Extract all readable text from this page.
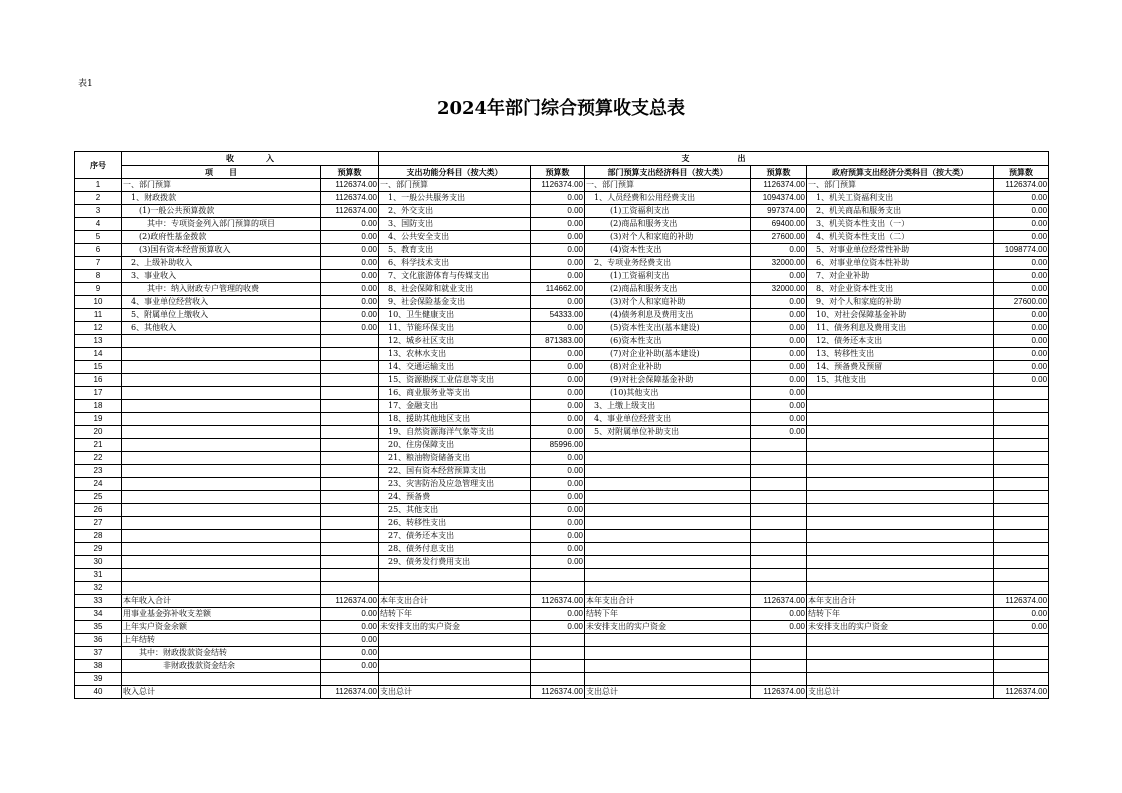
表1
2024年部门综合预算收支总表
序号	收　　　　入		支　　　　　　出					
	项　　目	预算数	支出功能分科目（按大类）	预算数	部门预算支出经济科目（按大类）	预算数	政府预算支出经济分类科目（按大类）	预算数
1	一、部门预算	1126374.00	一、部门预算	1126374.00	一、部门预算	1126374.00	一、部门预算	1126374.00
2	　1、财政拨款	1126374.00	　1、一般公共服务支出	0.00	　1、人员经费和公用经费支出	1094374.00	　1、机关工资福利支出	0.00
3	　　(1)一般公共预算拨款	1126374.00	　2、外交支出	0.00	　　　(1)工资福利支出	997374.00	　2、机关商品和服务支出	0.00
4	　　　其中：专项资金列入部门预算的项目	0.00	　3、国防支出	0.00	　　　(2)商品和服务支出	69400.00	　3、机关资本性支出（一）	0.00
5	　　(2)政府性基金拨款	0.00	　4、公共安全支出	0.00	　　　(3)对个人和家庭的补助	27600.00	　4、机关资本性支出（二）	0.00
6	　　(3)国有资本经营预算收入	0.00	　5、教育支出	0.00	　　　(4)资本性支出	0.00	　5、对事业单位经常性补助	1098774.00
7	　2、上级补助收入	0.00	　6、科学技术支出	0.00	　2、专项业务经费支出	32000.00	　6、对事业单位资本性补助	0.00
8	　3、事业收入	0.00	　7、文化旅游体育与传媒支出	0.00	　　　(1)工资福利支出	0.00	　7、对企业补助	0.00
9	　　　其中：纳入财政专户管理的收费	0.00	　8、社会保障和就业支出	114662.00	　　　(2)商品和服务支出	32000.00	　8、对企业资本性支出	0.00
10	　4、事业单位经营收入	0.00	　9、社会保险基金支出	0.00	　　　(3)对个人和家庭补助	0.00	　9、对个人和家庭的补助	27600.00
11	　5、附属单位上缴收入	0.00	　10、卫生健康支出	54333.00	　　　(4)债务利息及费用支出	0.00	　10、对社会保障基金补助	0.00
12	　6、其他收入	0.00	　11、节能环保支出	0.00	　　　(5)资本性支出(基本建设)	0.00	　11、债务利息及费用支出	0.00
13			　12、城乡社区支出	871383.00	　　　(6)资本性支出	0.00	　12、债务还本支出	0.00
14			　13、农林水支出	0.00	　　　(7)对企业补助(基本建设)	0.00	　13、转移性支出	0.00
15			　14、交通运输支出	0.00	　　　(8)对企业补助	0.00	　14、预备费及预留	0.00
16			　15、资源勘探工业信息等支出	0.00	　　　(9)对社会保障基金补助	0.00	　15、其他支出	0.00
17			　16、商业服务业等支出	0.00	　　　(10)其他支出	0.00		
18			　17、金融支出	0.00	　3、上缴上级支出	0.00		
19			　18、援助其他地区支出	0.00	　4、事业单位经营支出	0.00		
20			　19、自然资源海洋气象等支出	0.00	　5、对附属单位补助支出	0.00		
21			　20、住房保障支出	85996.00				
22			　21、粮油物资储备支出	0.00				
23			　22、国有资本经营预算支出	0.00				
24			　23、灾害防治及应急管理支出	0.00				
25			　24、预备费	0.00				
26			　25、其他支出	0.00				
27			　26、转移性支出	0.00				
28			　27、债务还本支出	0.00				
29			　28、债务付息支出	0.00				
30			　29、债务发行费用支出	0.00				
31								
32								
33	本年收入合计	1126374.00	本年支出合计	1126374.00	本年支出合计	1126374.00	本年支出合计	1126374.00
34	用事业基金弥补收支差额	0.00	结转下年	0.00	结转下年	0.00	结转下年	0.00
35	上年实户资金余额	0.00	未安排支出的实户资金	0.00	未安排支出的实户资金	0.00	未安排支出的实户资金	0.00
36	上年结转	0.00						
37	　　其中：财政拨款资金结转	0.00						
38	　　　　　非财政拨款资金结余	0.00						
39								
40	收入总计	1126374.00	支出总计	1126374.00	支出总计	1126374.00	支出总计	1126374.00
